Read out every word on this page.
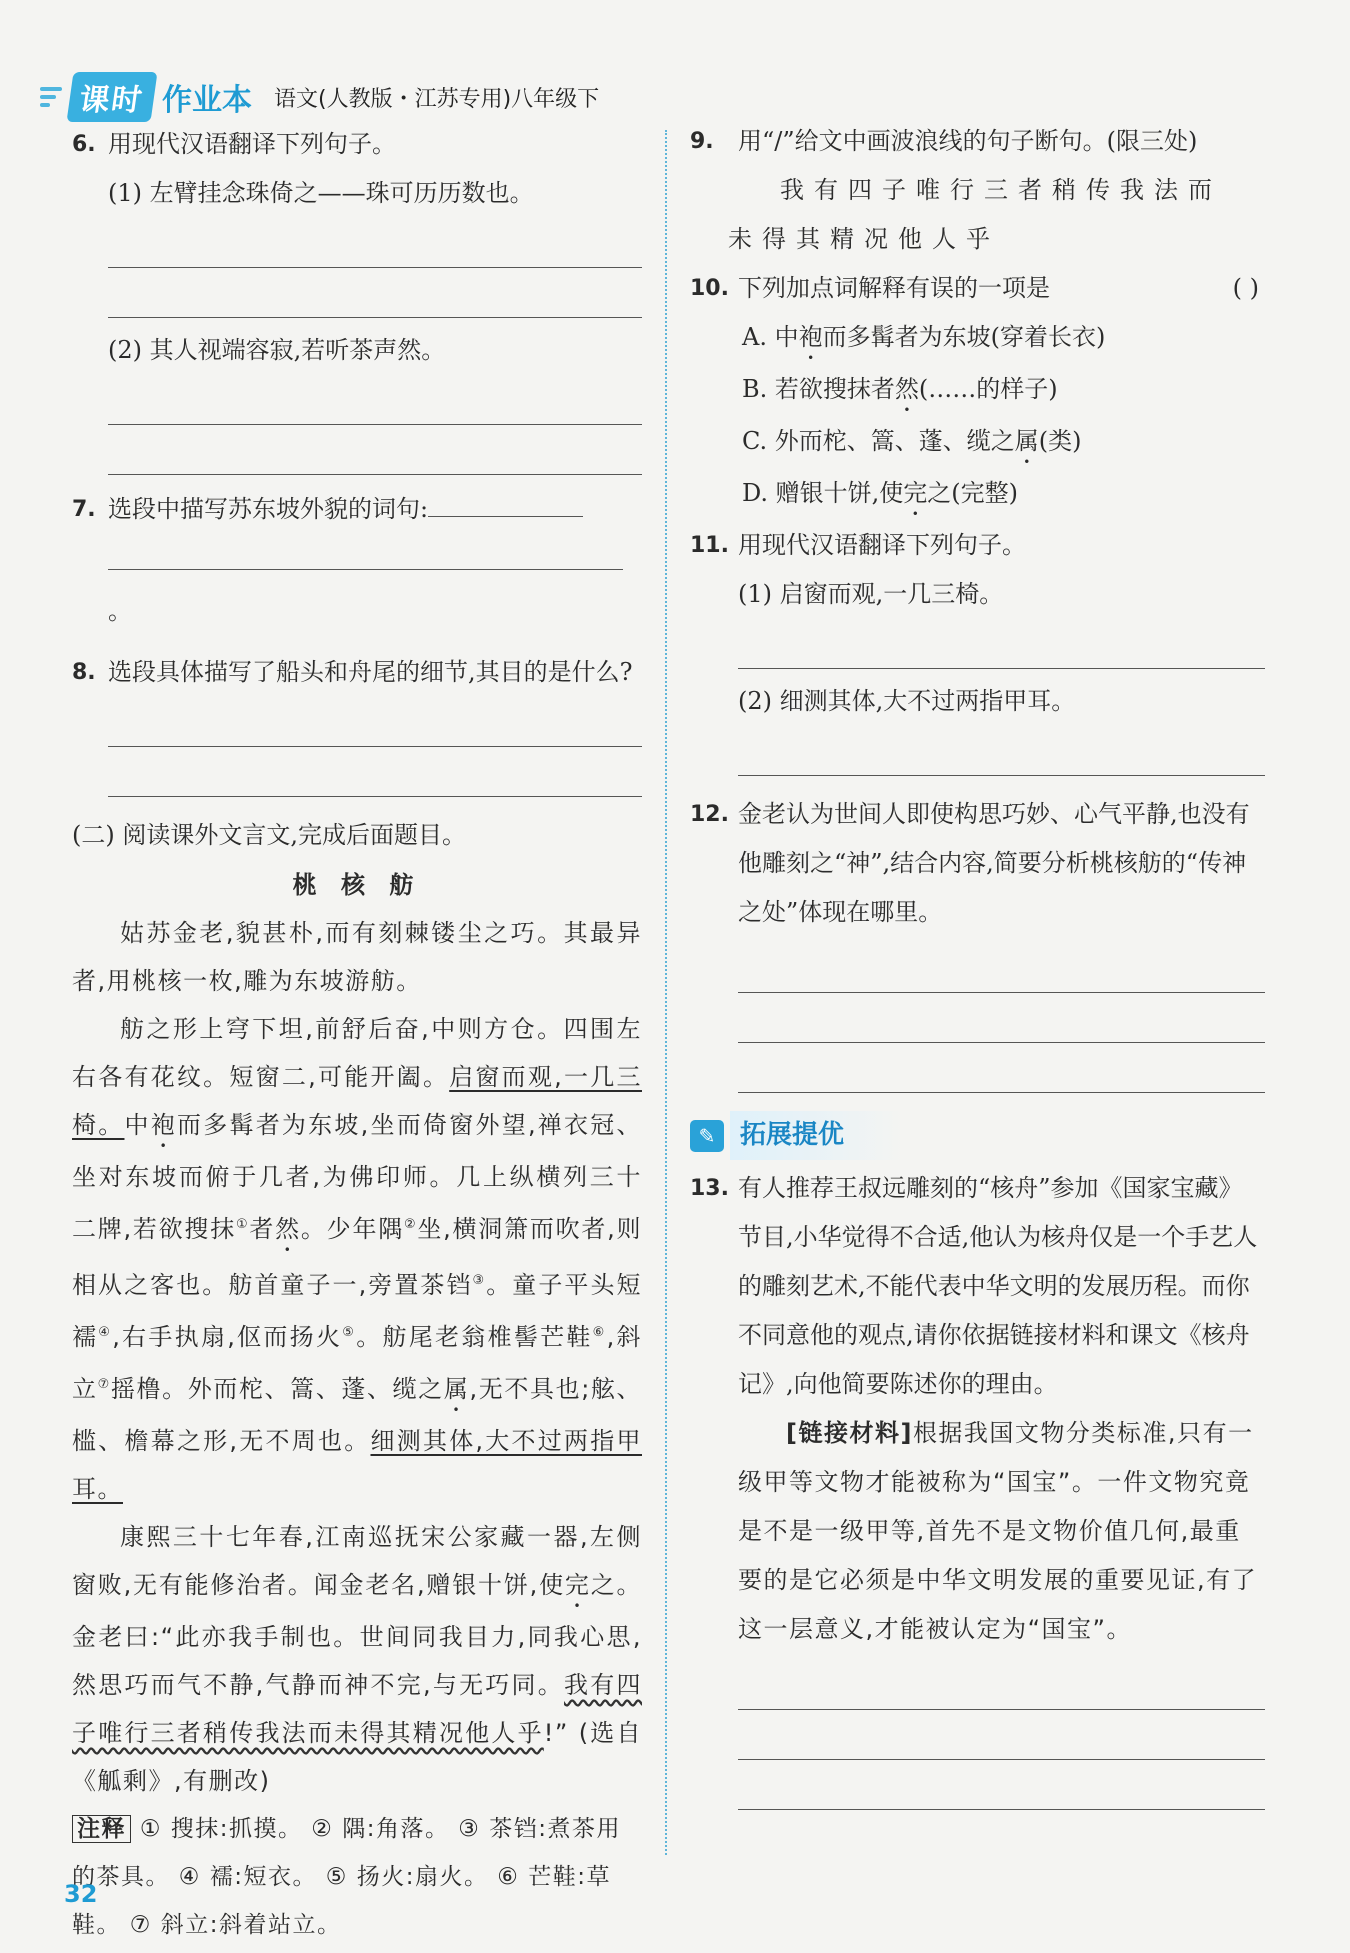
课时 作业本 语文(人教版・江苏专用)八年级下
6. 用现代汉语翻译下列句子。
(1) 左臂挂念珠倚之——珠可历历数也。
(2) 其人视端容寂,若听茶声然。
7. 选段中描写苏东坡外貌的词句:
。
8. 选段具体描写了船头和舟尾的细节,其目的是什么?
(二) 阅读课外文言文,完成后面题目。
桃 核 舫

姑苏金老,貌甚朴,而有刻棘镂尘之巧。其最异者,用桃核一枚,雕为东坡游舫。

舫之形上穹下坦,前舒后奋,中则方仓。四围左右各有花纹。短窗二,可能开阖。启窗而观,一几三椅。中袍而多髯者为东坡,坐而倚窗外望,禅衣冠、坐对东坡而俯于几者,为佛印师。几上纵横列三十二牌,若欲搜抹①者然。少年隅②坐,横洞箫而吹者,则相从之客也。舫首童子一,旁置茶铛③。童子平头短襦④,右手执扇,伛而扬火⑤。舫尾老翁椎髻芒鞋⑥,斜立⑦摇橹。外而柁、篙、蓬、缆之属,无不具也;舷、槛、檐幕之形,无不周也。细测其体,大不过两指甲耳。

康熙三十七年春,江南巡抚宋公家藏一器,左侧窗败,无有能修治者。闻金老名,赠银十饼,使完之。金老曰:“此亦我手制也。世间同我目力,同我心思,然思巧而气不静,气静而神不完,与无巧同。我有四子唯行三者稍传我法而未得其精况他人乎!” (选自《觚剩》,有删改)

注释 ① 搜抹:抓摸。 ② 隅:角落。 ③ 茶铛:煮茶用的茶具。 ④ 襦:短衣。 ⑤ 扬火:扇火。 ⑥ 芒鞋:草鞋。 ⑦ 斜立:斜着站立。
9. 用“/”给文中画波浪线的句子断句。(限三处)
我有四子唯行三者稍传我法而
未得其精况他人乎
10.	( )
下列加点词解释有误的一项是
A. 中袍而多髯者为东坡(穿着长衣)
B. 若欲搜抹者然(……的样子)
C. 外而柁、篙、蓬、缆之属(类)
D. 赠银十饼,使完之(完整)
11. 用现代汉语翻译下列句子。
(1) 启窗而观,一几三椅。
(2) 细测其体,大不过两指甲耳。
12. 金老认为世间人即使构思巧妙、心气平静,也没有他雕刻之“神”,结合内容,简要分析桃核舫的“传神之处”体现在哪里。
✎ 拓展提优
13. 有人推荐王叔远雕刻的“核舟”参加《国家宝藏》节目,小华觉得不合适,他认为核舟仅是一个手艺人的雕刻艺术,不能代表中华文明的发展历程。而你不同意他的观点,请你依据链接材料和课文《核舟记》,向他简要陈述你的理由。
[链接材料]根据我国文物分类标准,只有一级甲等文物才能被称为“国宝”。一件文物究竟是不是一级甲等,首先不是文物价值几何,最重要的是它必须是中华文明发展的重要见证,有了这一层意义,才能被认定为“国宝”。
32
